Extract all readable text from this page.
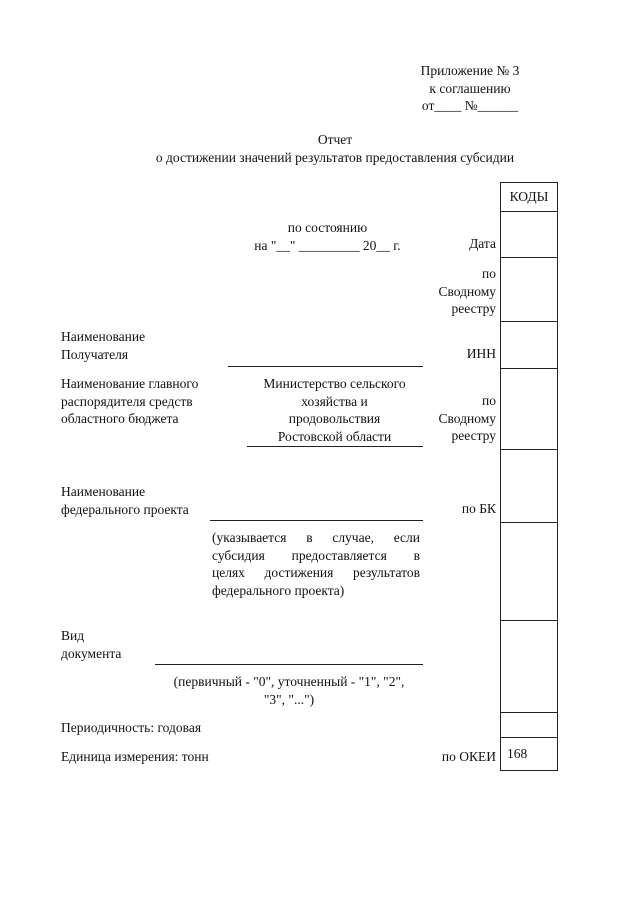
Приложение № 3
к соглашению
от____ №______
Отчет
о достижении значений результатов предоставления субсидии
КОДЫ
168
по состоянию
на "__" _________ 20__ г.	Дата
по
Сводному
реестру
ИНН
по
Сводному
реестру
по БК
по ОКЕИ
Наименование
Получателя
Наименование главного
распорядителя средств
областного бюджета
Министерство сельского
хозяйства и
продовольствия
Ростовской области
Наименование
федерального проекта
(указывается в случае, если
субсидия предоставляется в
целях достижения результатов
федерального проекта)
Вид
документа
(первичный - "0", уточненный - "1", "2",
"3", "...")
Периодичность: годовая
Единица измерения: тонн
